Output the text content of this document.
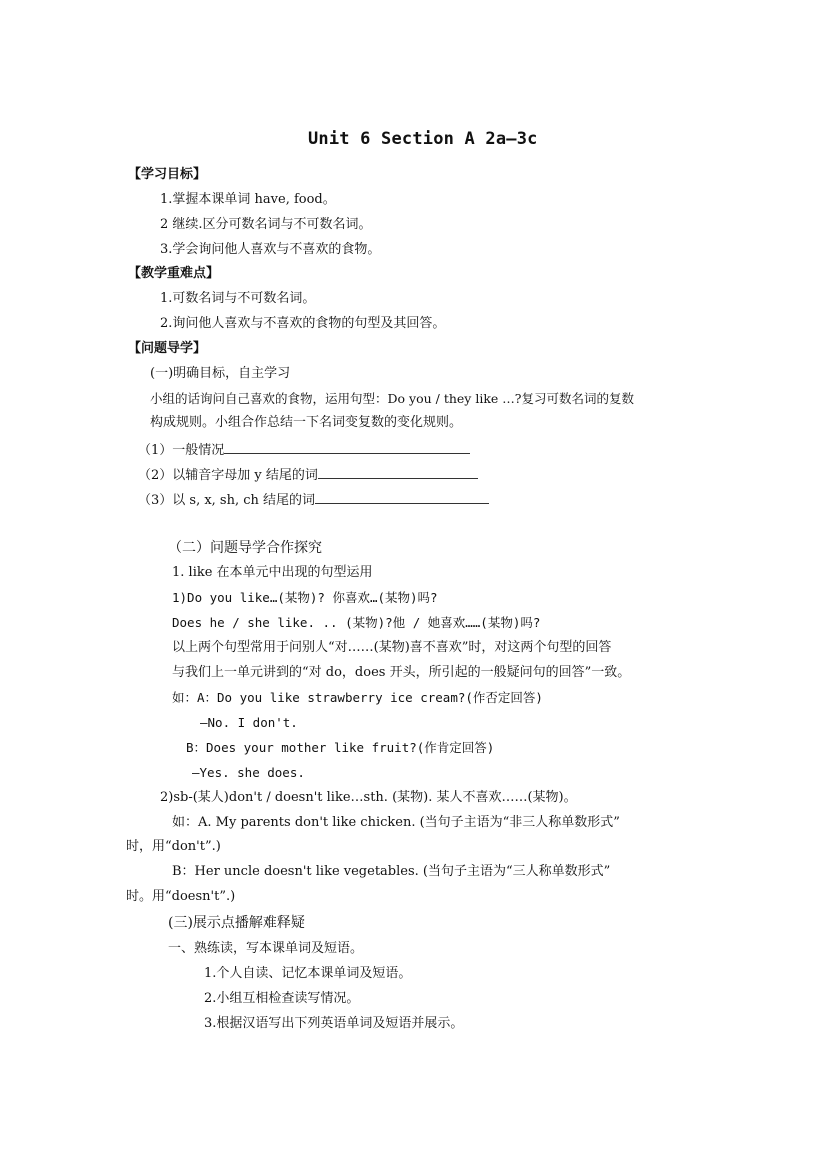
Unit 6 Section A 2a—3c
【学习目标】
1.掌握本课单词 have, food。
2 继续.区分可数名词与不可数名词。
3.学会询问他人喜欢与不喜欢的食物。
【教学重难点】
1.可数名词与不可数名词。
2.询问他人喜欢与不喜欢的食物的句型及其回答。
【问题导学】
(一)明确目标，自主学习
小组的话询问自己喜欢的食物，运用句型：Do you / they like …?复习可数名词的复数
构成规则。小组合作总结一下名词变复数的变化规则。
（1）一般情况
（2）以辅音字母加 y 结尾的词
（3）以 s, x, sh, ch 结尾的词
（二）问题导学合作探究
1. like 在本单元中出现的句型运用
1)Do you like…(某物)? 你喜欢…(某物)吗?
Does he / she like. .. (某物)?他 / 她喜欢……(某物)吗?
以上两个句型常用于问别人“对……(某物)喜不喜欢”时，对这两个句型的回答
与我们上一单元讲到的“对 do，does 开头，所引起的一般疑问句的回答”一致。
如：A：Do you like strawberry ice cream?(作否定回答)
—No. I don't.
B：Does your mother like fruit?(作肯定回答)
—Yes. she does.
2)sb-(某人)don't / doesn't like…sth. (某物). 某人不喜欢……(某物)。
如：A. My parents don't like chicken. (当句子主语为“非三人称单数形式”
时，用“don't”.)
B：Her uncle doesn't like vegetables. (当句子主语为“三人称单数形式”
时。用“doesn't”.)
(三)展示点播解难释疑
一、熟练读，写本课单词及短语。
1.个人自读、记忆本课单词及短语。
2.小组互相检查读写情况。
3.根据汉语写出下列英语单词及短语并展示。
